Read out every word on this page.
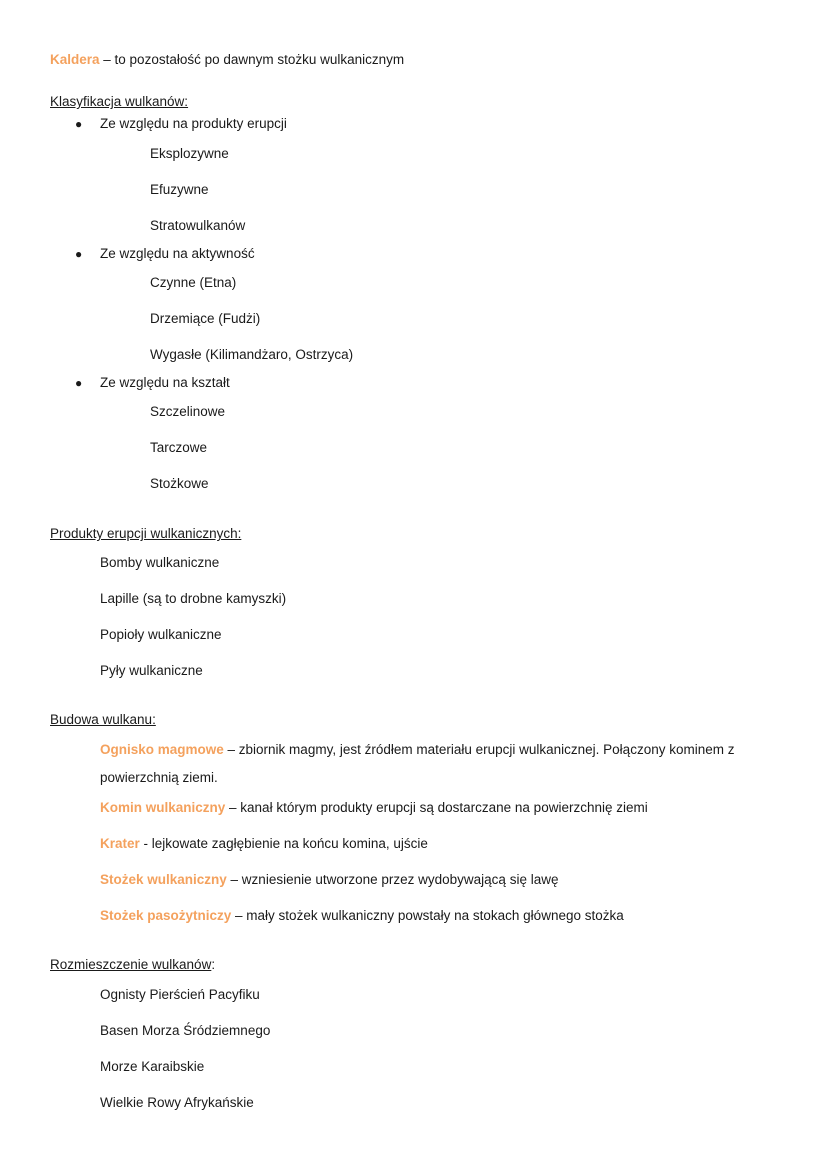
Kaldera – to pozostałość po dawnym stożku wulkanicznym
Klasyfikacja wulkanów:
● Ze względu na produkty erupcji
Eksplozywne
Efuzywne
Stratowulkanów
● Ze względu na aktywność
Czynne (Etna)
Drzemiące (Fudżi)
Wygasłe (Kilimandżaro, Ostrzyca)
● Ze względu na kształt
Szczelinowe
Tarczowe
Stożkowe
Produkty erupcji wulkanicznych:
Bomby wulkaniczne
Lapille (są to drobne kamyszki)
Popioły wulkaniczne
Pyły wulkaniczne
Budowa wulkanu:
Ognisko magmowe – zbiornik magmy, jest źródłem materiału erupcji wulkanicznej. Połączony kominem z
powierzchnią ziemi.
Komin wulkaniczny – kanał którym produkty erupcji są dostarczane na powierzchnię ziemi
Krater - lejkowate zagłębienie na końcu komina, ujście
Stożek wulkaniczny – wzniesienie utworzone przez wydobywającą się lawę
Stożek pasożytniczy – mały stożek wulkaniczny powstały na stokach głównego stożka
Rozmieszczenie wulkanów:
Ognisty Pierścień Pacyfiku
Basen Morza Śródziemnego
Morze Karaibskie
Wielkie Rowy Afrykańskie
